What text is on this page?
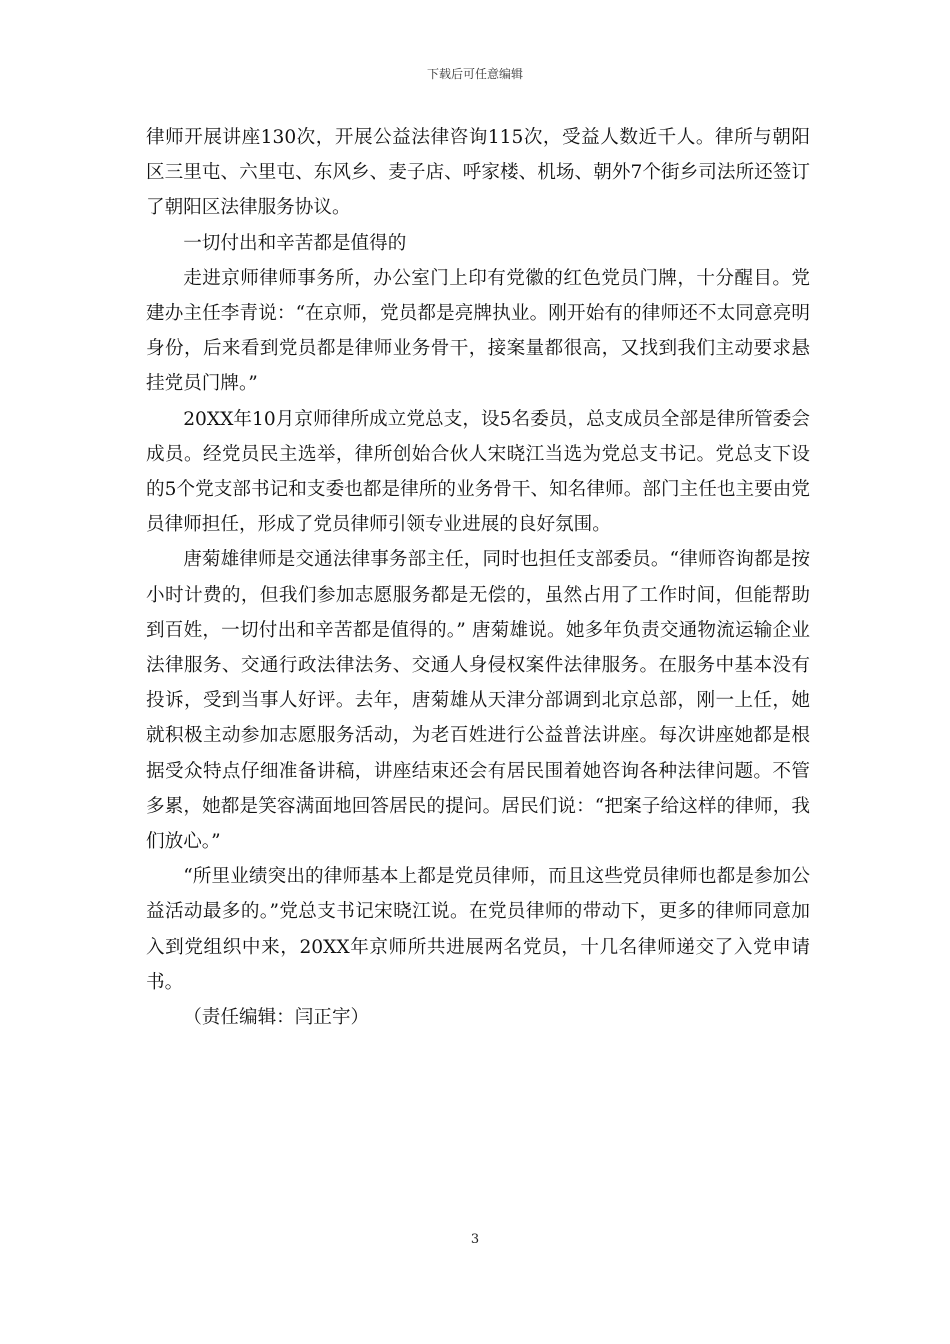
下载后可任意编辑

律师开展讲座130次，开展公益法律咨询115次，受益人数近千人。律所与朝阳区三里屯、六里屯、东风乡、麦子店、呼家楼、机场、朝外7个街乡司法所还签订了朝阳区法律服务协议。

一切付出和辛苦都是值得的

走进京师律师事务所，办公室门上印有党徽的红色党员门牌，十分醒目。党建办主任李青说：“在京师，党员都是亮牌执业。刚开始有的律师还不太同意亮明身份，后来看到党员都是律师业务骨干，接案量都很高，又找到我们主动要求悬挂党员门牌。”

20XX年10月京师律所成立党总支，设5名委员，总支成员全部是律所管委会成员。经党员民主选举，律所创始合伙人宋晓江当选为党总支书记。党总支下设的5个党支部书记和支委也都是律所的业务骨干、知名律师。部门主任也主要由党员律师担任，形成了党员律师引领专业进展的良好氛围。

唐菊雄律师是交通法律事务部主任，同时也担任支部委员。“律师咨询都是按小时计费的，但我们参加志愿服务都是无偿的，虽然占用了工作时间，但能帮助到百姓，一切付出和辛苦都是值得的。” 唐菊雄说。她多年负责交通物流运输企业法律服务、交通行政法律法务、交通人身侵权案件法律服务。在服务中基本没有投诉，受到当事人好评。去年，唐菊雄从天津分部调到北京总部，刚一上任，她就积极主动参加志愿服务活动，为老百姓进行公益普法讲座。每次讲座她都是根据受众特点仔细准备讲稿，讲座结束还会有居民围着她咨询各种法律问题。不管多累，她都是笑容满面地回答居民的提问。居民们说：“把案子给这样的律师，我们放心。”

“所里业绩突出的律师基本上都是党员律师，而且这些党员律师也都是参加公益活动最多的。”党总支书记宋晓江说。在党员律师的带动下，更多的律师同意加入到党组织中来，20XX年京师所共进展两名党员，十几名律师递交了入党申请书。

（责任编辑：闫正宇）

3
